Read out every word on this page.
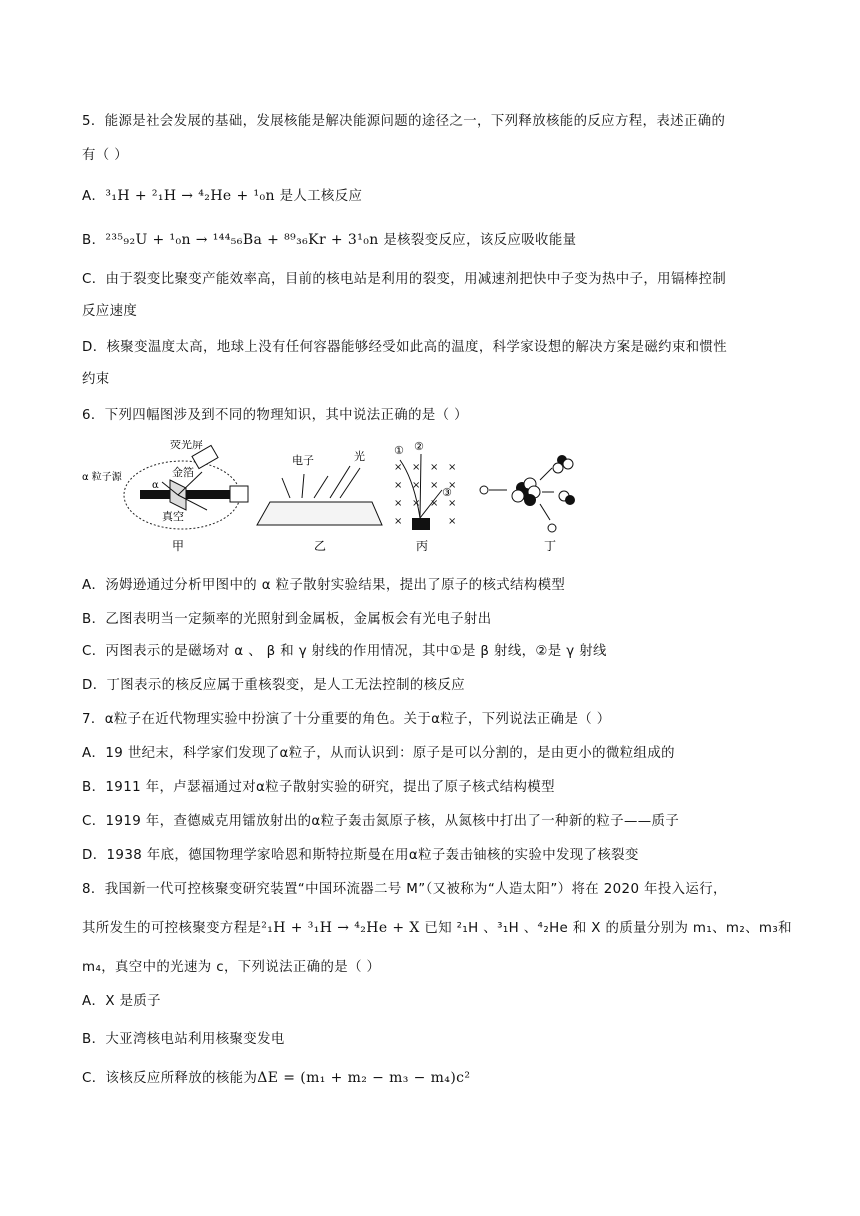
5．能源是社会发展的基础，发展核能是解决能源问题的途径之一，下列释放核能的反应方程，表述正确的
有（ ）
A．³₁H + ²₁H → ⁴₂He + ¹₀n 是人工核反应
B．²³⁵₉₂U + ¹₀n → ¹⁴⁴₅₆Ba + ⁸⁹₃₆Kr + 3¹₀n 是核裂变反应，该反应吸收能量
C．由于裂变比聚变产能效率高，目前的核电站是利用的裂变，用减速剂把快中子变为热中子，用镉棒控制
反应速度
D．核聚变温度太高，地球上没有任何容器能够经受如此高的温度，科学家设想的解决方案是磁约束和惯性
约束
6．下列四幅图涉及到不同的物理知识，其中说法正确的是（ ）
荧光屏
α 粒子源	金箔
真空
α
甲
电子	光
乙
× × × ×
× × × ×
× × × ×
×	×
① ②
③
丙	丁
A．汤姆逊通过分析甲图中的 α 粒子散射实验结果，提出了原子的核式结构模型
B．乙图表明当一定频率的光照射到金属板，金属板会有光电子射出
C．丙图表示的是磁场对 α 、 β 和 γ 射线的作用情况，其中①是 β 射线，②是 γ 射线
D．丁图表示的核反应属于重核裂变，是人工无法控制的核反应
7．α粒子在近代物理实验中扮演了十分重要的角色。关于α粒子，下列说法正确是（ ）
A．19 世纪末，科学家们发现了α粒子，从而认识到：原子是可以分割的，是由更小的微粒组成的
B．1911 年，卢瑟福通过对α粒子散射实验的研究，提出了原子核式结构模型
C．1919 年，查德威克用镭放射出的α粒子轰击氮原子核，从氮核中打出了一种新的粒子——质子
D．1938 年底，德国物理学家哈恩和斯特拉斯曼在用α粒子轰击铀核的实验中发现了核裂变
8．我国新一代可控核聚变研究装置“中国环流器二号 M”（又被称为“人造太阳”）将在 2020 年投入运行，
其所发生的可控核聚变方程是²₁H + ³₁H → ⁴₂He + X 已知 ²₁H 、³₁H 、⁴₂He 和 X 的质量分别为 m₁、m₂、m₃和
m₄，真空中的光速为 c，下列说法正确的是（ ）
A．X 是质子
B．大亚湾核电站利用核聚变发电
C．该核反应所释放的核能为ΔE = (m₁ + m₂ − m₃ − m₄)c²
